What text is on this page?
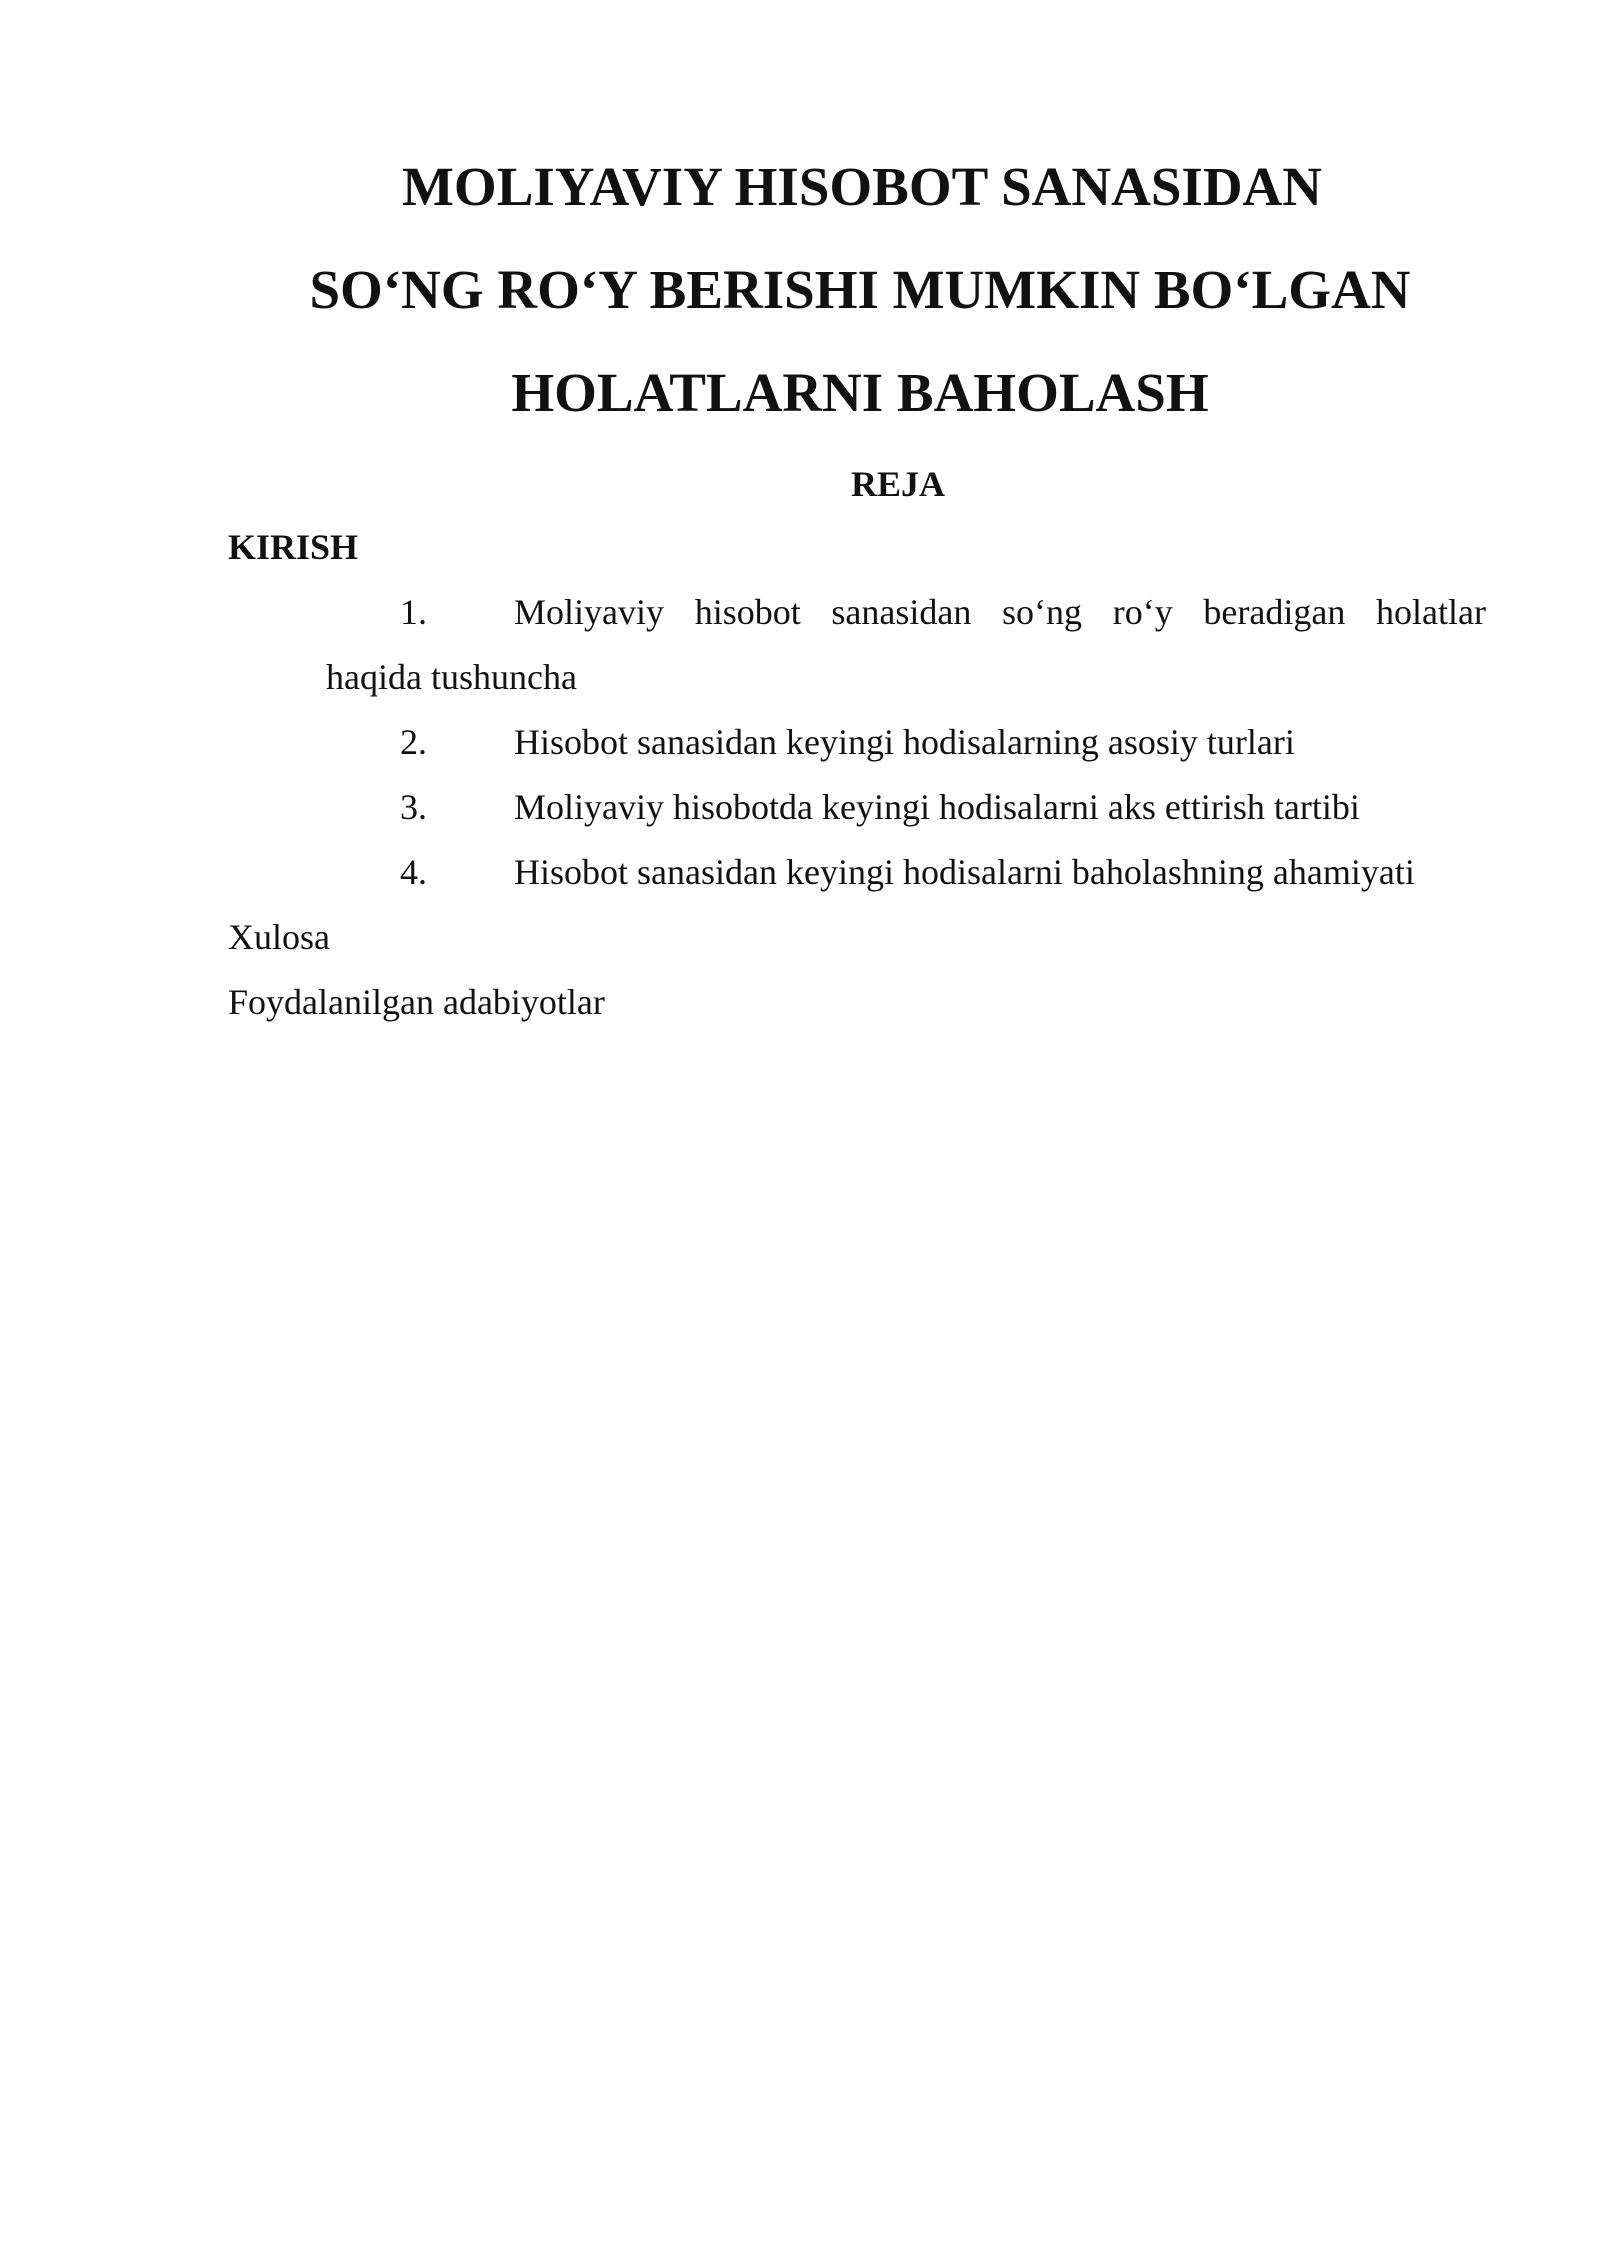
MOLIYAVIY HISOBOT SANASIDAN
SO‘NG RO‘Y BERISHI MUMKIN BO‘LGAN
HOLATLARNI BAHOLASH
REJA
KIRISH
1. Moliyaviy hisobot sanasidan so‘ng ro‘y beradigan holatlar
haqida tushuncha
2. Hisobot sanasidan keyingi hodisalarning asosiy turlari
3. Moliyaviy hisobotda keyingi hodisalarni aks ettirish tartibi
4. Hisobot sanasidan keyingi hodisalarni baholashning ahamiyati

Xulosa

Foydalanilgan adabiyotlar
